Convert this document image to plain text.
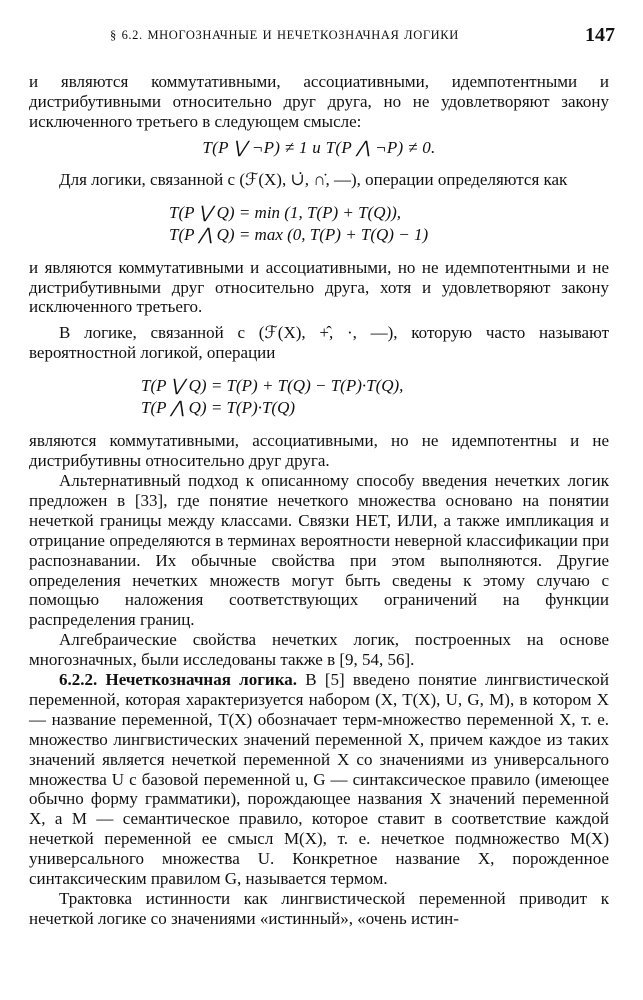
§ 6.2. МНОГОЗНАЧНЫЕ И НЕЧЕТКОЗНАЧНАЯ ЛОГИКИ	147

и являются коммутативными, ассоциативными, идемпотентными и дистрибутивными относительно друг друга, но не удовлетворяют закону исключенного третьего в следующем смысле:

T(P ⋁ ¬P) ≠ 1 и T(P ⋀ ¬P) ≠ 0.

Для логики, связанной с (ℱ(X), ∪̇, ∩̇, —), операции определяются как

T(P ⋁ Q) = min (1, T(P) + T(Q)),
T(P ⋀ Q) = max (0, T(P) + T(Q) − 1)

и являются коммутативными и ассоциативными, но не идемпотентными и не дистрибутивными друг относительно друга, хотя и удовлетворяют закону исключенного третьего.

В логике, связанной с (ℱ(X), +̂, ·, —), которую часто называют вероятностной логикой, операции

T(P ⋁ Q) = T(P) + T(Q) − T(P)·T(Q),
T(P ⋀ Q) = T(P)·T(Q)

являются коммутативными, ассоциативными, но не идемпотентны и не дистрибутивны относительно друг друга.

Альтернативный подход к описанному способу введения нечетких логик предложен в [33], где понятие нечеткого множества основано на понятии нечеткой границы между классами. Связки НЕТ, ИЛИ, а также импликация и отрицание определяются в терминах вероятности неверной классификации при распознавании. Их обычные свойства при этом выполняются. Другие определения нечетких множеств могут быть сведены к этому случаю с помощью наложения соответствующих ограничений на функции распределения границ.

Алгебраические свойства нечетких логик, построенных на основе многозначных, были исследованы также в [9, 54, 56].

6.2.2. Нечеткозначная логика. В [5] введено понятие лингвистической переменной, которая характеризуется набором (X, T(X), U, G, M), в котором X — название переменной, T(X) обозначает терм-множество переменной X, т. е. множество лингвистических значений переменной X, причем каждое из таких значений является нечеткой переменной X со значениями из универсального множества U с базовой переменной u, G — синтаксическое правило (имеющее обычно форму грамматики), порождающее названия X значений переменной X, а M — семантическое правило, которое ставит в соответствие каждой нечеткой переменной ее смысл M(X), т. е. нечеткое подмножество M(X) универсального множества U. Конкретное название X, порожденное синтаксическим правилом G, называется термом.

Трактовка истинности как лингвистической переменной приводит к нечеткой логике со значениями «истинный», «очень истин-
